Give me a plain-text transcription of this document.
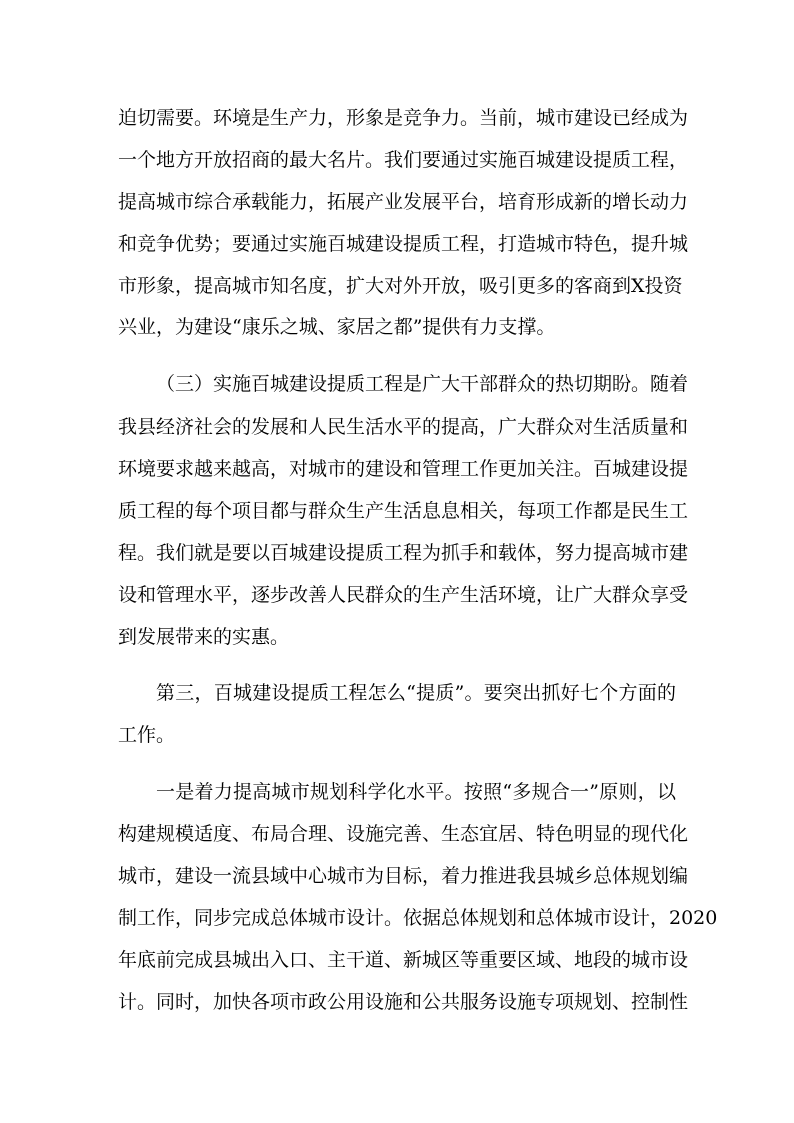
迫切需要。环境是生产力，形象是竞争力。当前，城市建设已经成为
一个地方开放招商的最大名片。我们要通过实施百城建设提质工程，
提高城市综合承载能力，拓展产业发展平台，培育形成新的增长动力
和竞争优势；要通过实施百城建设提质工程，打造城市特色，提升城
市形象，提高城市知名度，扩大对外开放，吸引更多的客商到X投资
兴业，为建设“康乐之城、家居之都”提供有力支撑。
（三）实施百城建设提质工程是广大干部群众的热切期盼。随着
我县经济社会的发展和人民生活水平的提高，广大群众对生活质量和
环境要求越来越高，对城市的建设和管理工作更加关注。百城建设提
质工程的每个项目都与群众生产生活息息相关，每项工作都是民生工
程。我们就是要以百城建设提质工程为抓手和载体，努力提高城市建
设和管理水平，逐步改善人民群众的生产生活环境，让广大群众享受
到发展带来的实惠。
第三，百城建设提质工程怎么“提质”。要突出抓好七个方面的
工作。
一是着力提高城市规划科学化水平。按照“多规合一”原则，以
构建规模适度、布局合理、设施完善、生态宜居、特色明显的现代化
城市，建设一流县域中心城市为目标，着力推进我县城乡总体规划编
制工作，同步完成总体城市设计。依据总体规划和总体城市设计，2020
年底前完成县城出入口、主干道、新城区等重要区域、地段的城市设
计。同时，加快各项市政公用设施和公共服务设施专项规划、控制性
